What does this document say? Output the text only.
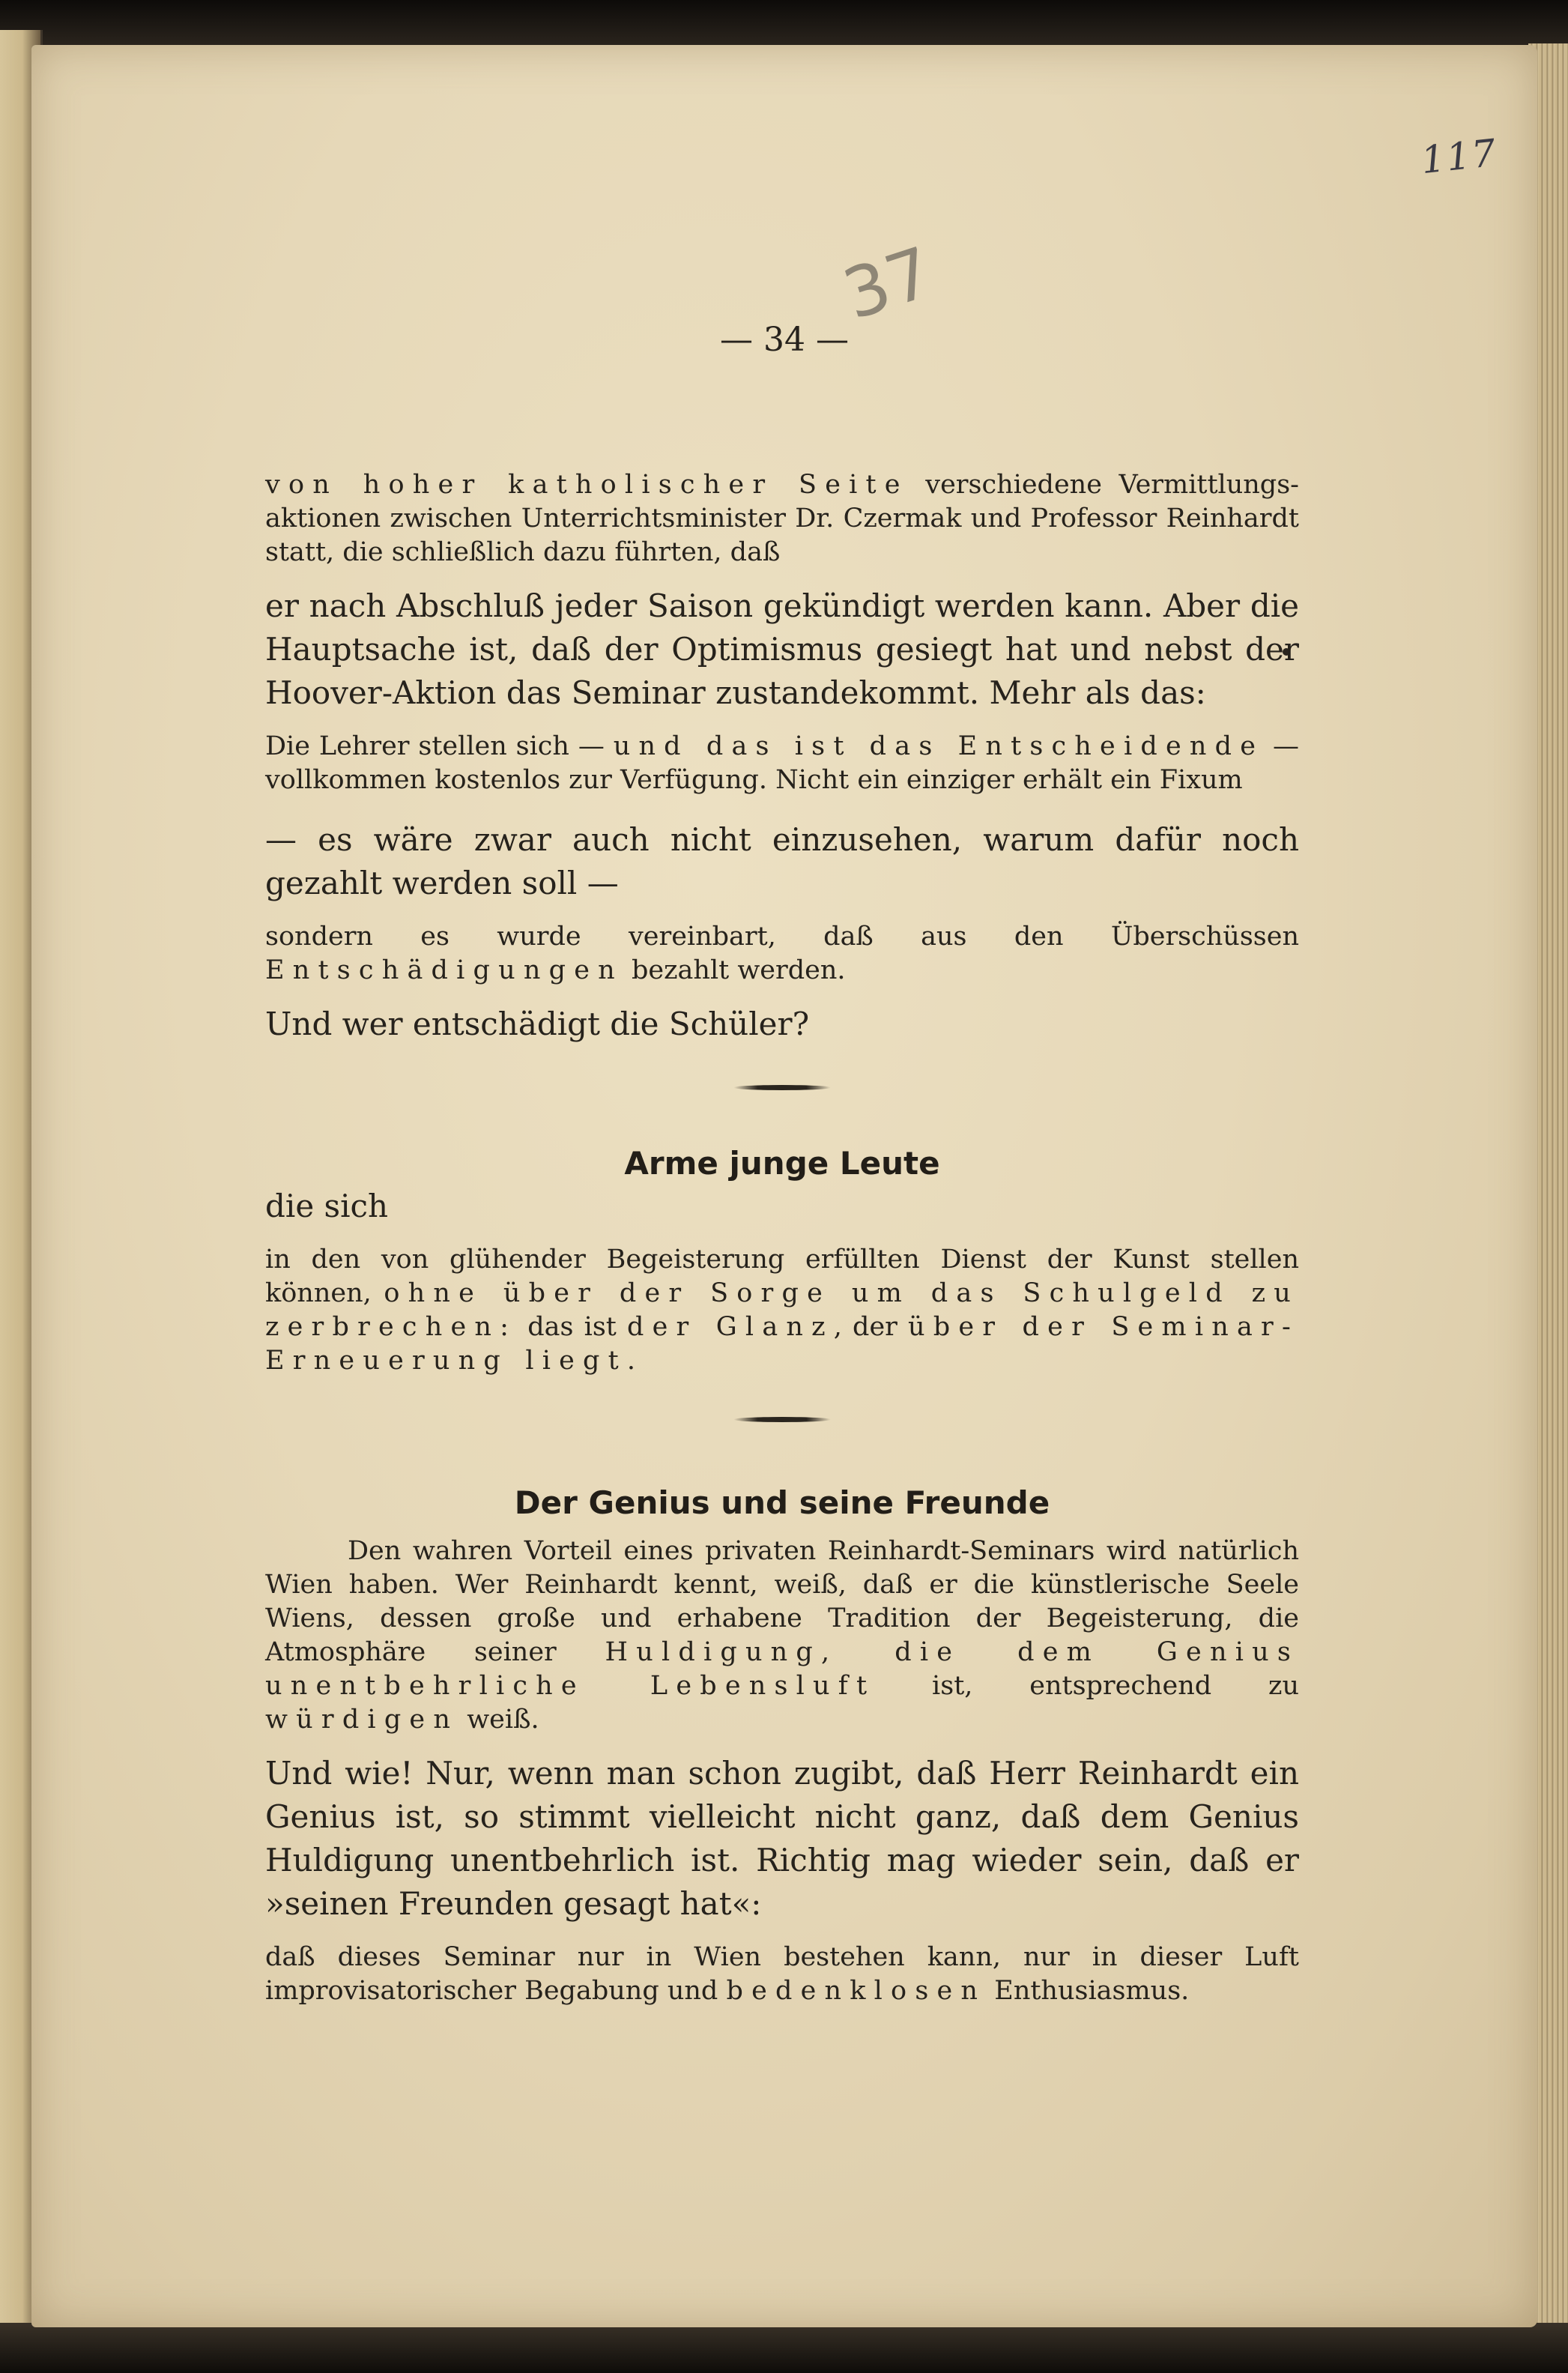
117
37
— 34 —

von hoher katholischer Seite verschiedene Vermittlungs-aktionen zwischen Unterrichtsminister Dr. Czermak und Professor Reinhardt statt, die schließlich dazu führten, daß

er nach Abschluß jeder Saison gekündigt werden kann. Aber die Hauptsache ist, daß der Optimismus gesiegt hat und nebst der Hoover-Aktion das Seminar zustandekommt. Mehr als das:

Die Lehrer stellen sich — und das ist das Entscheidende — vollkommen kostenlos zur Verfügung. Nicht ein einziger erhält ein Fixum

— es wäre zwar auch nicht einzusehen, warum dafür noch gezahlt werden soll —

sondern es wurde vereinbart, daß aus den Überschüssen Entschädigungen bezahlt werden.

Und wer entschädigt die Schüler?

Arme junge Leute

die sich

in den von glühender Begeisterung erfüllten Dienst der Kunst stellen können, ohne über der Sorge um das Schulgeld zu zerbrechen: das ist der Glanz, der über der Seminar-Erneuerung liegt.

Der Genius und seine Freunde

Den wahren Vorteil eines privaten Reinhardt-Seminars wird natürlich Wien haben. Wer Reinhardt kennt, weiß, daß er die künstlerische Seele Wiens, dessen große und erhabene Tradition der Begeisterung, die Atmosphäre seiner Huldigung, die dem Genius unentbehrliche Lebensluft ist, entsprechend zu würdigen weiß.

Und wie! Nur, wenn man schon zugibt, daß Herr Reinhardt ein Genius ist, so stimmt vielleicht nicht ganz, daß dem Genius Huldigung unentbehrlich ist. Richtig mag wieder sein, daß er »seinen Freunden gesagt hat«:

daß dieses Seminar nur in Wien bestehen kann, nur in dieser Luft improvisatorischer Begabung und bedenklosen Enthusiasmus.
